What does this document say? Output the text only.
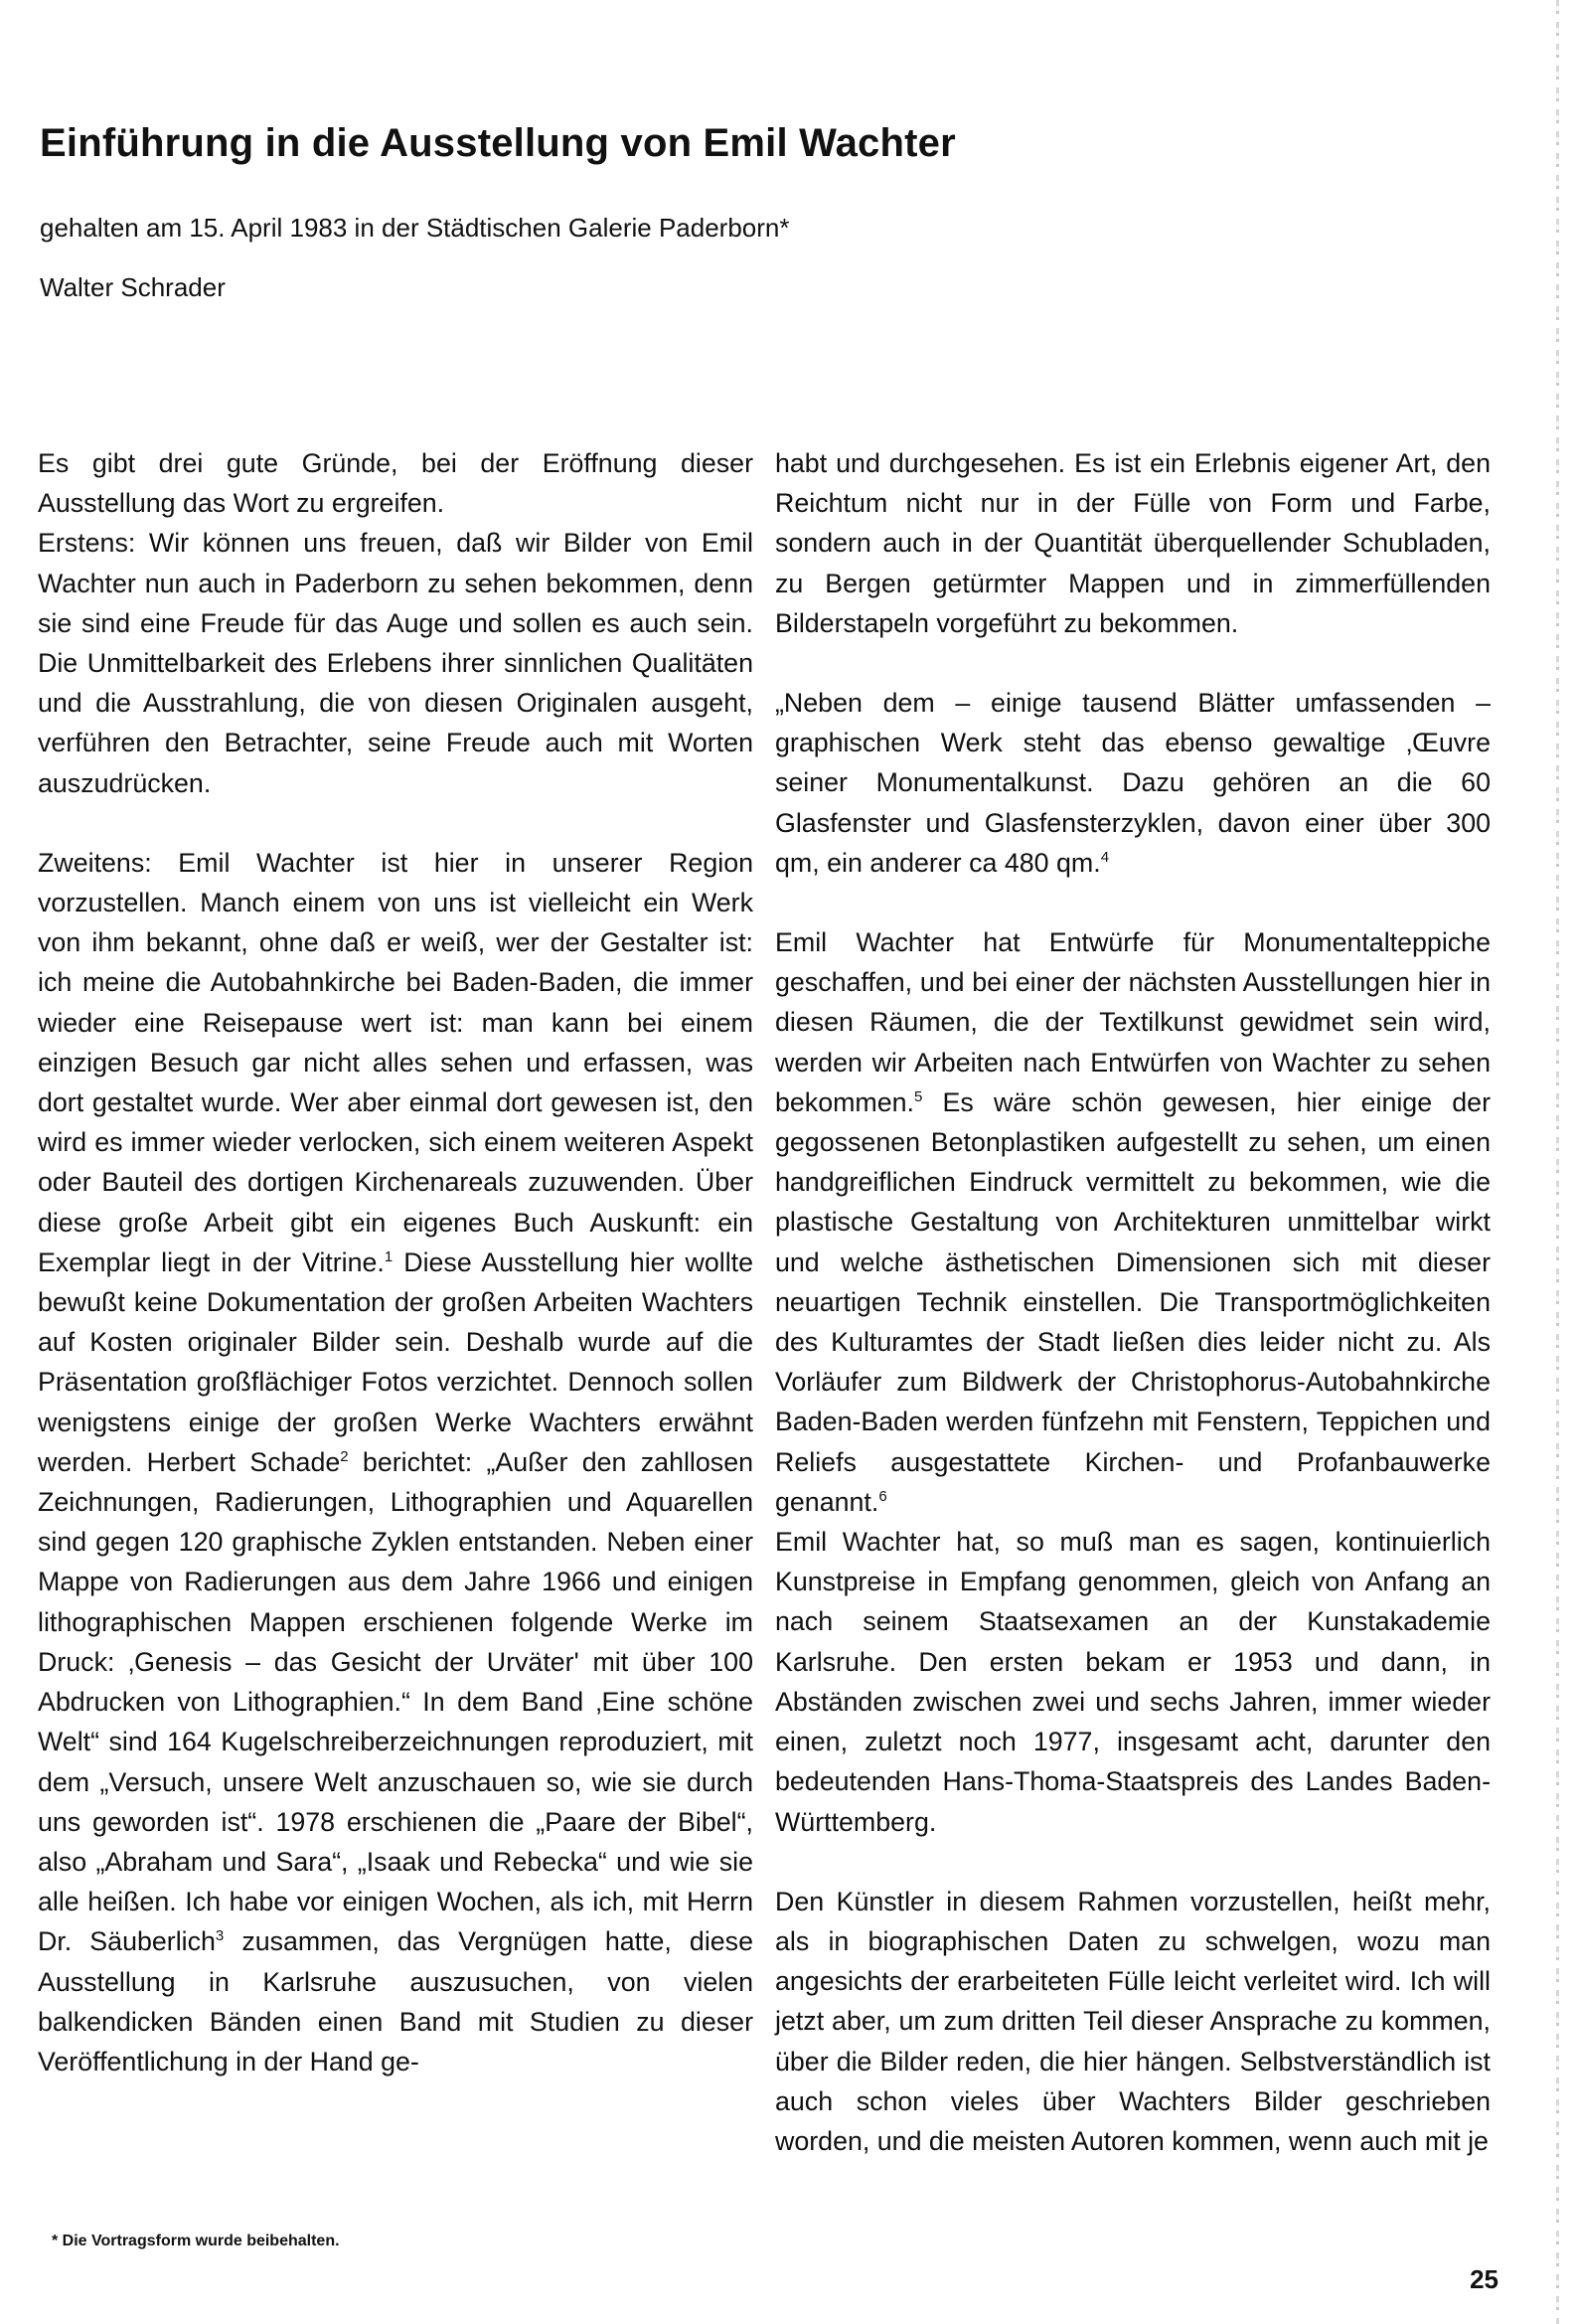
Einführung in die Ausstellung von Emil Wachter
gehalten am 15. April 1983 in der Städtischen Galerie Paderborn*
Walter Schrader

Es gibt drei gute Gründe, bei der Eröffnung dieser Ausstellung das Wort zu ergreifen.

Erstens: Wir können uns freuen, daß wir Bilder von Emil Wachter nun auch in Paderborn zu sehen bekommen, denn sie sind eine Freude für das Auge und sollen es auch sein. Die Unmittelbarkeit des Erlebens ihrer sinnlichen Qualitäten und die Ausstrahlung, die von diesen Originalen ausgeht, verführen den Betrachter, seine Freude auch mit Worten auszudrücken.

Zweitens: Emil Wachter ist hier in unserer Region vorzustellen. Manch einem von uns ist vielleicht ein Werk von ihm bekannt, ohne daß er weiß, wer der Gestalter ist: ich meine die Autobahnkirche bei Baden-Baden, die immer wieder eine Reisepause wert ist: man kann bei einem einzigen Besuch gar nicht alles sehen und erfassen, was dort gestaltet wurde. Wer aber einmal dort gewesen ist, den wird es immer wieder verlocken, sich einem weiteren Aspekt oder Bauteil des dortigen Kirchenareals zuzuwenden. Über diese große Arbeit gibt ein eigenes Buch Auskunft: ein Exemplar liegt in der Vitrine.$^1$ Diese Ausstellung hier wollte bewußt keine Dokumentation der großen Arbeiten Wachters auf Kosten originaler Bilder sein. Deshalb wurde auf die Präsentation großflächiger Fotos verzichtet. Dennoch sollen wenigstens einige der großen Werke Wachters erwähnt werden. Herbert Schade$^2$ berichtet: „Außer den zahllosen Zeichnungen, Radierungen, Lithographien und Aquarellen sind gegen 120 graphische Zyklen entstanden. Neben einer Mappe von Radierungen aus dem Jahre 1966 und einigen lithographischen Mappen erschienen folgende Werke im Druck: ‚Genesis – das Gesicht der Urväter' mit über 100 Abdrucken von Lithographien.“ In dem Band ‚Eine schöne Welt“ sind 164 Kugelschreiberzeichnungen reproduziert, mit dem „Versuch, unsere Welt anzuschauen so, wie sie durch uns geworden ist“. 1978 erschienen die „Paare der Bibel“, also „Abraham und Sara“, „Isaak und Rebecka“ und wie sie alle heißen. Ich habe vor einigen Wochen, als ich, mit Herrn Dr. Säuberlich$^3$ zusammen, das Vergnügen hatte, diese Ausstellung in Karlsruhe auszusuchen, von vielen balkendicken Bänden einen Band mit Studien zu dieser Veröffentlichung in der Hand ge-

habt und durchgesehen. Es ist ein Erlebnis eigener Art, den Reichtum nicht nur in der Fülle von Form und Farbe, sondern auch in der Quantität überquellender Schubladen, zu Bergen getürmter Mappen und in zimmerfüllenden Bilderstapeln vorgeführt zu bekommen.

„Neben dem – einige tausend Blätter umfassenden – graphischen Werk steht das ebenso gewaltige ‚Œuvre seiner Monumentalkunst. Dazu gehören an die 60 Glasfenster und Glasfensterzyklen, davon einer über 300 qm, ein anderer ca 480 qm.$^4$

Emil Wachter hat Entwürfe für Monumentalteppiche geschaffen, und bei einer der nächsten Ausstellungen hier in diesen Räumen, die der Textilkunst gewidmet sein wird, werden wir Arbeiten nach Entwürfen von Wachter zu sehen bekommen.$^5$ Es wäre schön gewesen, hier einige der gegossenen Betonplastiken aufgestellt zu sehen, um einen handgreiflichen Eindruck vermittelt zu bekommen, wie die plastische Gestaltung von Architekturen unmittelbar wirkt und welche ästhetischen Dimensionen sich mit dieser neuartigen Technik einstellen. Die Transportmöglichkeiten des Kulturamtes der Stadt ließen dies leider nicht zu. Als Vorläufer zum Bildwerk der Christophorus-Autobahnkirche Baden-Baden werden fünfzehn mit Fenstern, Teppichen und Reliefs ausgestattete Kirchen- und Profanbauwerke genannt.$^6$

Emil Wachter hat, so muß man es sagen, kontinuierlich Kunstpreise in Empfang genommen, gleich von Anfang an nach seinem Staatsexamen an der Kunstakademie Karlsruhe. Den ersten bekam er 1953 und dann, in Abständen zwischen zwei und sechs Jahren, immer wieder einen, zuletzt noch 1977, insgesamt acht, darunter den bedeutenden Hans-Thoma-Staatspreis des Landes Baden-Württemberg.

Den Künstler in diesem Rahmen vorzustellen, heißt mehr, als in biographischen Daten zu schwelgen, wozu man angesichts der erarbeiteten Fülle leicht verleitet wird. Ich will jetzt aber, um zum dritten Teil dieser Ansprache zu kommen, über die Bilder reden, die hier hängen. Selbstverständlich ist auch schon vieles über Wachters Bilder geschrieben worden, und die meisten Autoren kommen, wenn auch mit je

* Die Vortragsform wurde beibehalten.
25
